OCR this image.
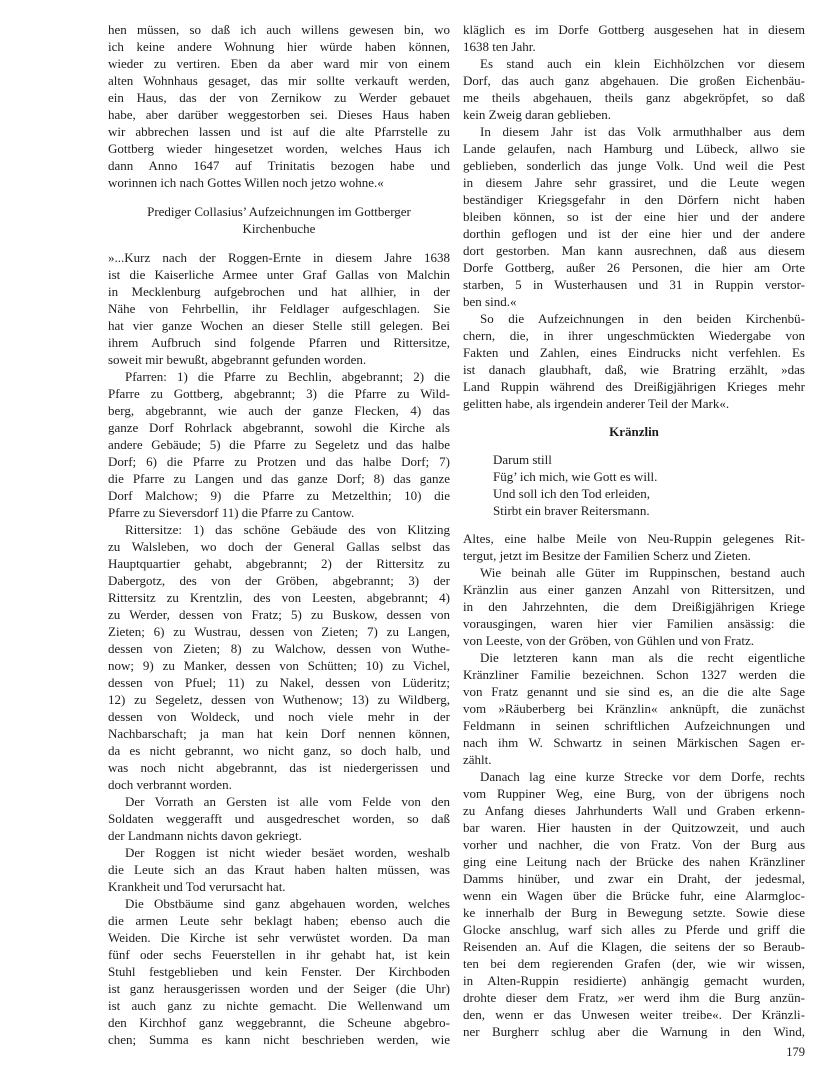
hen müssen, so daß ich auch willens gewesen bin, wo
ich keine andere Wohnung hier würde haben können,
wieder zu vertiren. Eben da aber ward mir von einem
alten Wohnhaus gesaget, das mir sollte verkauft werden,
ein Haus, das der von Zernikow zu Werder gebauet
habe, aber darüber weggestorben sei. Dieses Haus haben
wir abbrechen lassen und ist auf die alte Pfarrstelle zu
Gottberg wieder hingesetzet worden, welches Haus ich
dann Anno 1647 auf Trinitatis bezogen habe und
worinnen ich nach Gottes Willen noch jetzo wohne.«
Prediger Collasius’ Aufzeichnungen im Gottberger
Kirchenbuche
»...Kurz nach der Roggen-Ernte in diesem Jahre 1638
ist die Kaiserliche Armee unter Graf Gallas von Malchin
in Mecklenburg aufgebrochen und hat allhier, in der
Nähe von Fehrbellin, ihr Feldlager aufgeschlagen. Sie
hat vier ganze Wochen an dieser Stelle still gelegen. Bei
ihrem Aufbruch sind folgende Pfarren und Rittersitze,
soweit mir bewußt, abgebrannt gefunden worden.
Pfarren: 1) die Pfarre zu Bechlin, abgebrannt; 2) die
Pfarre zu Gottberg, abgebrannt; 3) die Pfarre zu Wild-
berg, abgebrannt, wie auch der ganze Flecken, 4) das
ganze Dorf Rohrlack abgebrannt, sowohl die Kirche als
andere Gebäude; 5) die Pfarre zu Segeletz und das halbe
Dorf; 6) die Pfarre zu Protzen und das halbe Dorf; 7)
die Pfarre zu Langen und das ganze Dorf; 8) das ganze
Dorf Malchow; 9) die Pfarre zu Metzelthin; 10) die
Pfarre zu Sieversdorf 11) die Pfarre zu Cantow.
Rittersitze: 1) das schöne Gebäude des von Klitzing
zu Walsleben, wo doch der General Gallas selbst das
Hauptquartier gehabt, abgebrannt; 2) der Rittersitz zu
Dabergotz, des von der Gröben, abgebrannt; 3) der
Rittersitz zu Krentzlin, des von Leesten, abgebrannt; 4)
zu Werder, dessen von Fratz; 5) zu Buskow, dessen von
Zieten; 6) zu Wustrau, dessen von Zieten; 7) zu Langen,
dessen von Zieten; 8) zu Walchow, dessen von Wuthe-
now; 9) zu Manker, dessen von Schütten; 10) zu Vichel,
dessen von Pfuel; 11) zu Nakel, dessen von Lüderitz;
12) zu Segeletz, dessen von Wuthenow; 13) zu Wildberg,
dessen von Woldeck, und noch viele mehr in der
Nachbarschaft; ja man hat kein Dorf nennen können,
da es nicht gebrannt, wo nicht ganz, so doch halb, und
was noch nicht abgebrannt, das ist niedergerissen und
doch verbrannt worden.
Der Vorrath an Gersten ist alle vom Felde von den
Soldaten weggerafft und ausgedreschet worden, so daß
der Landmann nichts davon gekriegt.
Der Roggen ist nicht wieder besäet worden, weshalb
die Leute sich an das Kraut haben halten müssen, was
Krankheit und Tod verursacht hat.
Die Obstbäume sind ganz abgehauen worden, welches
die armen Leute sehr beklagt haben; ebenso auch die
Weiden. Die Kirche ist sehr verwüstet worden. Da man
fünf oder sechs Feuerstellen in ihr gehabt hat, ist kein
Stuhl festgeblieben und kein Fenster. Der Kirchboden
ist ganz herausgerissen worden und der Seiger (die Uhr)
ist auch ganz zu nichte gemacht. Die Wellenwand um
den Kirchhof ganz weggebrannt, die Scheune abgebro-
chen; Summa es kann nicht beschrieben werden, wie
kläglich es im Dorfe Gottberg ausgesehen hat in diesem
1638 ten Jahr.
Es stand auch ein klein Eichhölzchen vor diesem
Dorf, das auch ganz abgehauen. Die großen Eichenbäu-
me theils abgehauen, theils ganz abgekröpfet, so daß
kein Zweig daran geblieben.
In diesem Jahr ist das Volk armuthhalber aus dem
Lande gelaufen, nach Hamburg und Lübeck, allwo sie
geblieben, sonderlich das junge Volk. Und weil die Pest
in diesem Jahre sehr grassiret, und die Leute wegen
beständiger Kriegsgefahr in den Dörfern nicht haben
bleiben können, so ist der eine hier und der andere
dorthin geflogen und ist der eine hier und der andere
dort gestorben. Man kann ausrechnen, daß aus diesem
Dorfe Gottberg, außer 26 Personen, die hier am Orte
starben, 5 in Wusterhausen und 31 in Ruppin verstor-
ben sind.«
So die Aufzeichnungen in den beiden Kirchenbü-
chern, die, in ihrer ungeschmückten Wiedergabe von
Fakten und Zahlen, eines Eindrucks nicht verfehlen. Es
ist danach glaubhaft, daß, wie Bratring erzählt, »das
Land Ruppin während des Dreißigjährigen Krieges mehr
gelitten habe, als irgendein anderer Teil der Mark«.
Kränzlin
Darum still
Füg’ ich mich, wie Gott es will.
Und soll ich den Tod erleiden,
Stirbt ein braver Reitersmann.
Altes, eine halbe Meile von Neu-Ruppin gelegenes Rit-
tergut, jetzt im Besitze der Familien Scherz und Zieten.
Wie beinah alle Güter im Ruppinschen, bestand auch
Kränzlin aus einer ganzen Anzahl von Rittersitzen, und
in den Jahrzehnten, die dem Dreißigjährigen Kriege
vorausgingen, waren hier vier Familien ansässig: die
von Leeste, von der Gröben, von Gühlen und von Fratz.
Die letzteren kann man als die recht eigentliche
Kränzliner Familie bezeichnen. Schon 1327 werden die
von Fratz genannt und sie sind es, an die die alte Sage
vom »Räuberberg bei Kränzlin« anknüpft, die zunächst
Feldmann in seinen schriftlichen Aufzeichnungen und
nach ihm W. Schwartz in seinen Märkischen Sagen er-
zählt.
Danach lag eine kurze Strecke vor dem Dorfe, rechts
vom Ruppiner Weg, eine Burg, von der übrigens noch
zu Anfang dieses Jahrhunderts Wall und Graben erkenn-
bar waren. Hier hausten in der Quitzowzeit, und auch
vorher und nachher, die von Fratz. Von der Burg aus
ging eine Leitung nach der Brücke des nahen Kränzliner
Damms hinüber, und zwar ein Draht, der jedesmal,
wenn ein Wagen über die Brücke fuhr, eine Alarmgloc-
ke innerhalb der Burg in Bewegung setzte. Sowie diese
Glocke anschlug, warf sich alles zu Pferde und griff die
Reisenden an. Auf die Klagen, die seitens der so Beraub-
ten bei dem regierenden Grafen (der, wie wir wissen,
in Alten-Ruppin residierte) anhängig gemacht wurden,
drohte dieser dem Fratz, »er werd ihm die Burg anzün-
den, wenn er das Unwesen weiter treibe«. Der Kränzli-
ner Burgherr schlug aber die Warnung in den Wind,
179
